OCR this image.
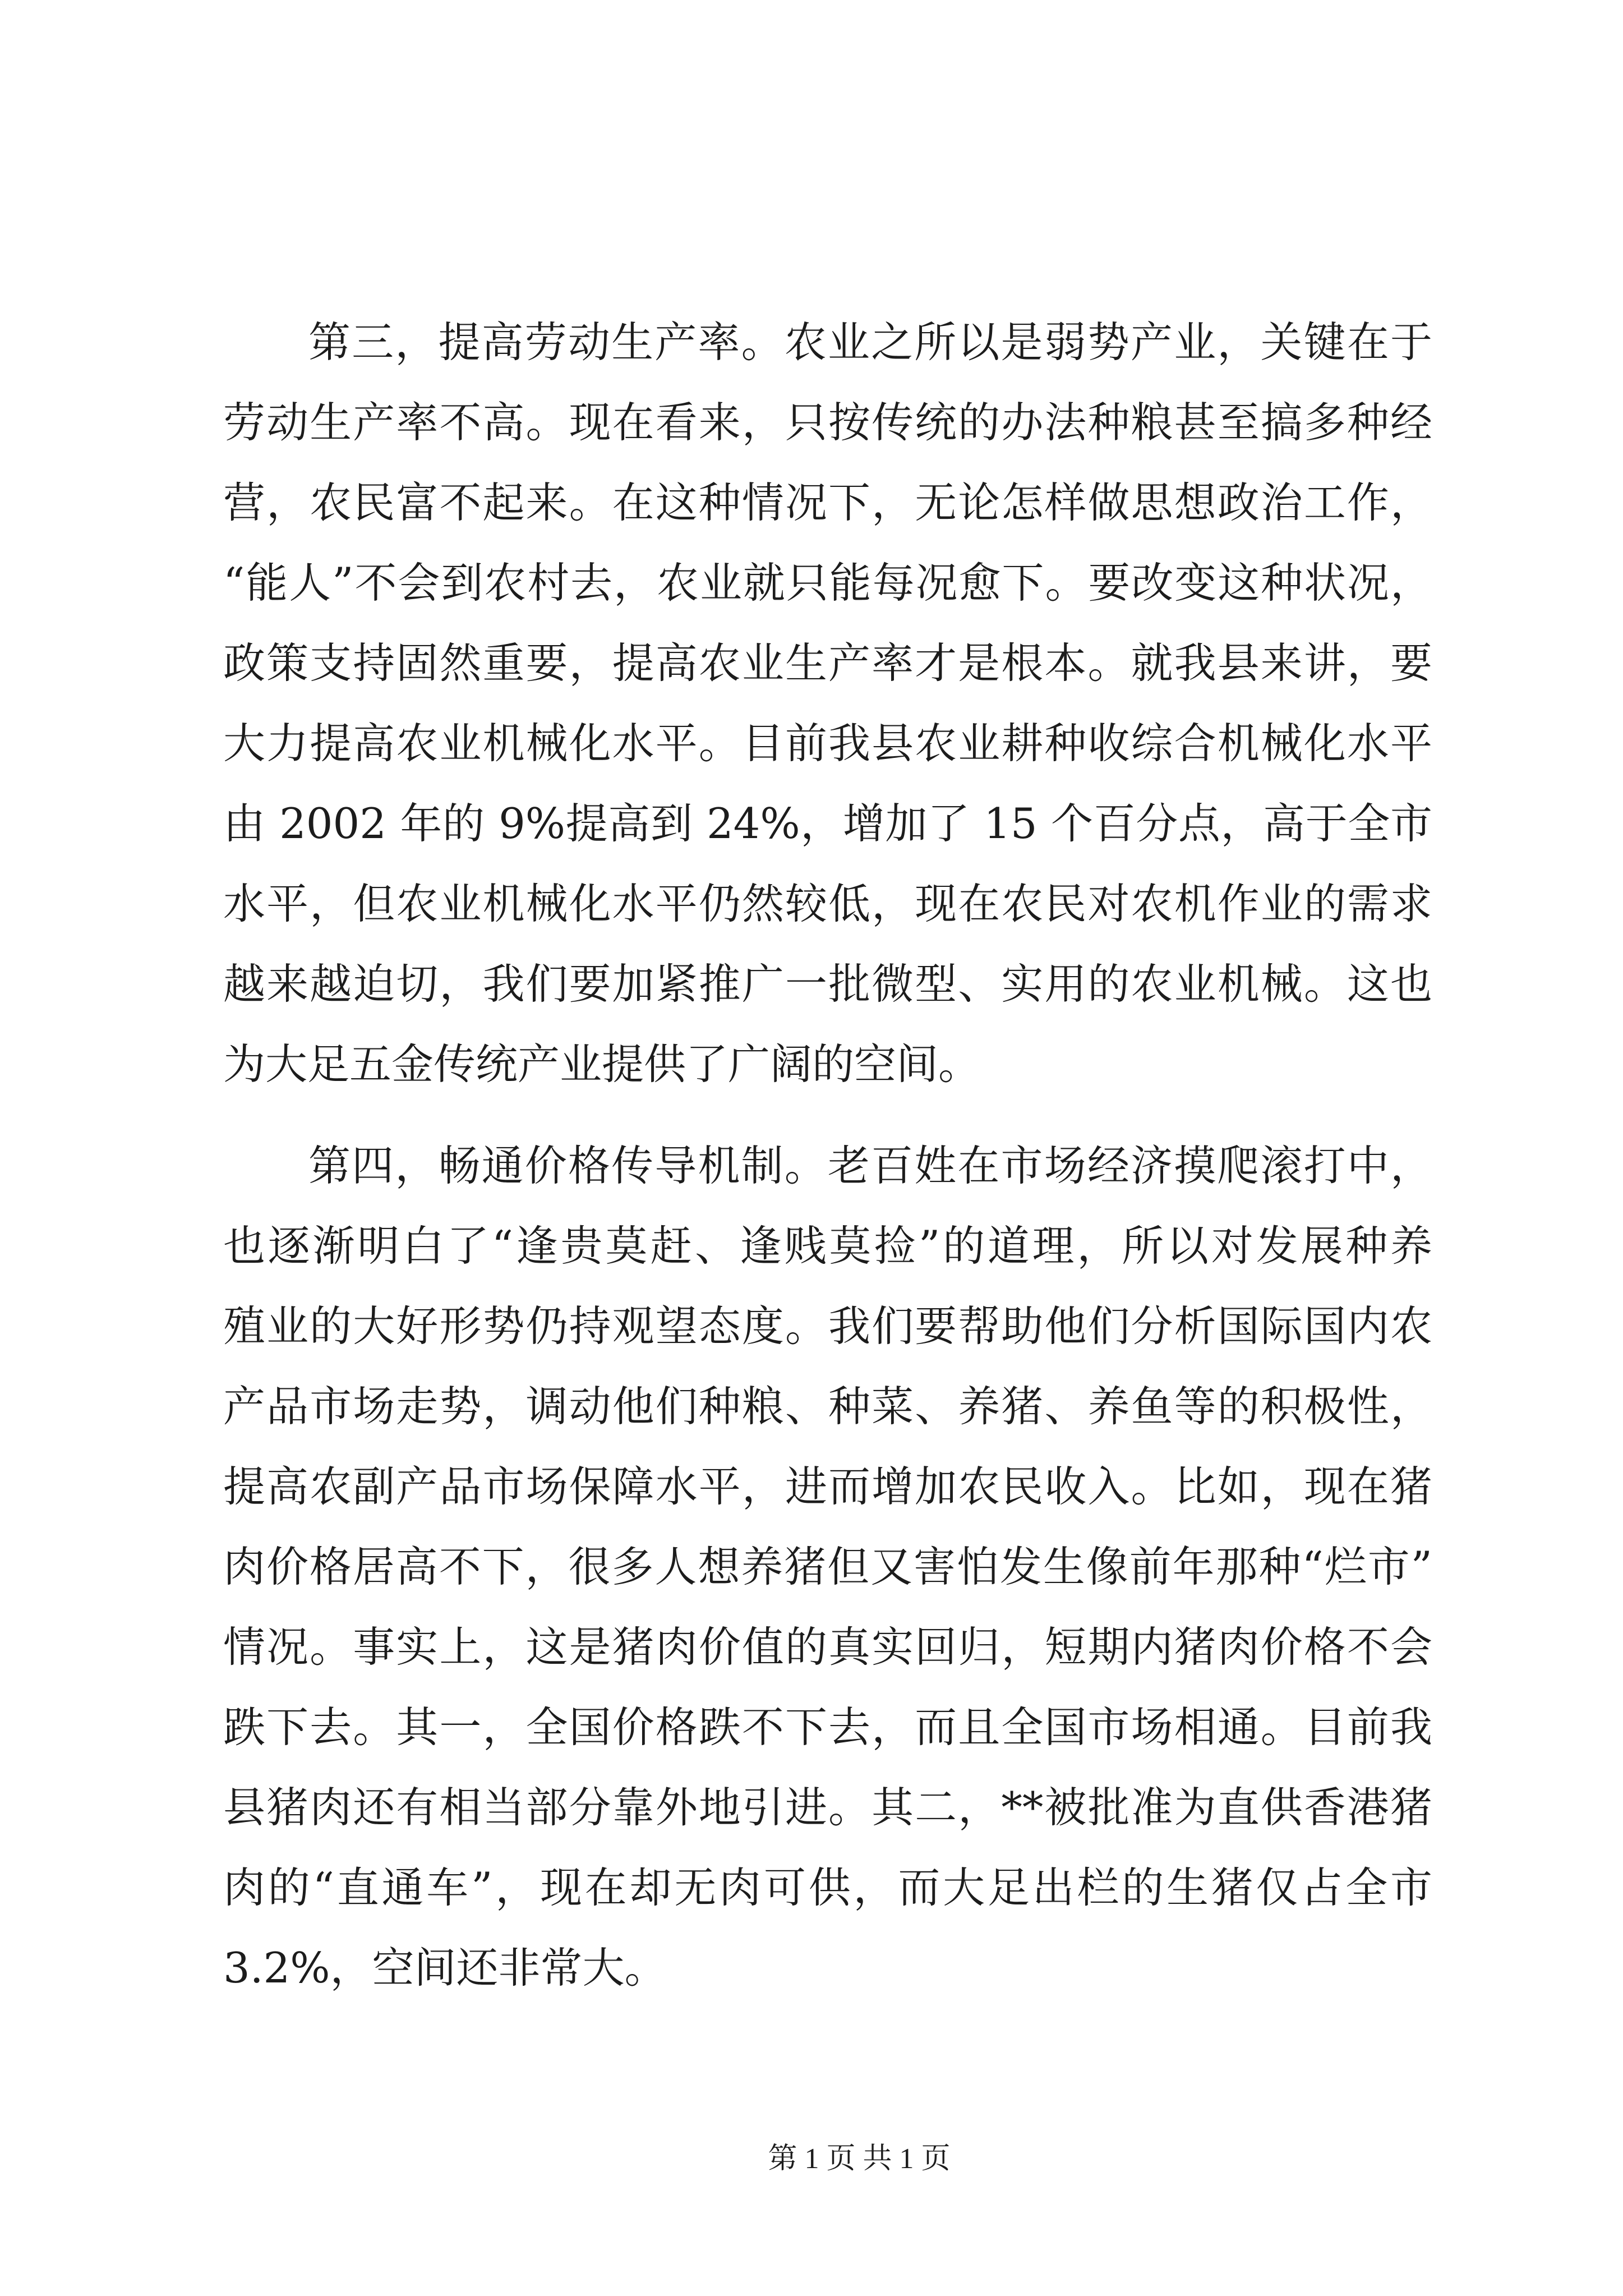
第三，提高劳动生产率。农业之所以是弱势产业，关键在于
劳动生产率不高。现在看来，只按传统的办法种粮甚至搞多种经
营，农民富不起来。在这种情况下，无论怎样做思想政治工作，
“能人”不会到农村去，农业就只能每况愈下。要改变这种状况，
政策支持固然重要，提高农业生产率才是根本。就我县来讲，要
大力提高农业机械化水平。目前我县农业耕种收综合机械化水平
由 2002 年的 9%提高到 24%，增加了 15 个百分点，高于全市
水平，但农业机械化水平仍然较低，现在农民对农机作业的需求
越来越迫切，我们要加紧推广一批微型、实用的农业机械。这也
为大足五金传统产业提供了广阔的空间。
第四，畅通价格传导机制。老百姓在市场经济摸爬滚打中，
也逐渐明白了“逢贵莫赶、逢贱莫捡”的道理，所以对发展种养
殖业的大好形势仍持观望态度。我们要帮助他们分析国际国内农
产品市场走势，调动他们种粮、种菜、养猪、养鱼等的积极性，
提高农副产品市场保障水平，进而增加农民收入。比如，现在猪
肉价格居高不下，很多人想养猪但又害怕发生像前年那种“烂市”
情况。事实上，这是猪肉价值的真实回归，短期内猪肉价格不会
跌下去。其一，全国价格跌不下去，而且全国市场相通。目前我
县猪肉还有相当部分靠外地引进。其二，**被批准为直供香港猪
肉的“直通车”，现在却无肉可供，而大足出栏的生猪仅占全市
3.2%，空间还非常大。
第 1 页 共 1 页
